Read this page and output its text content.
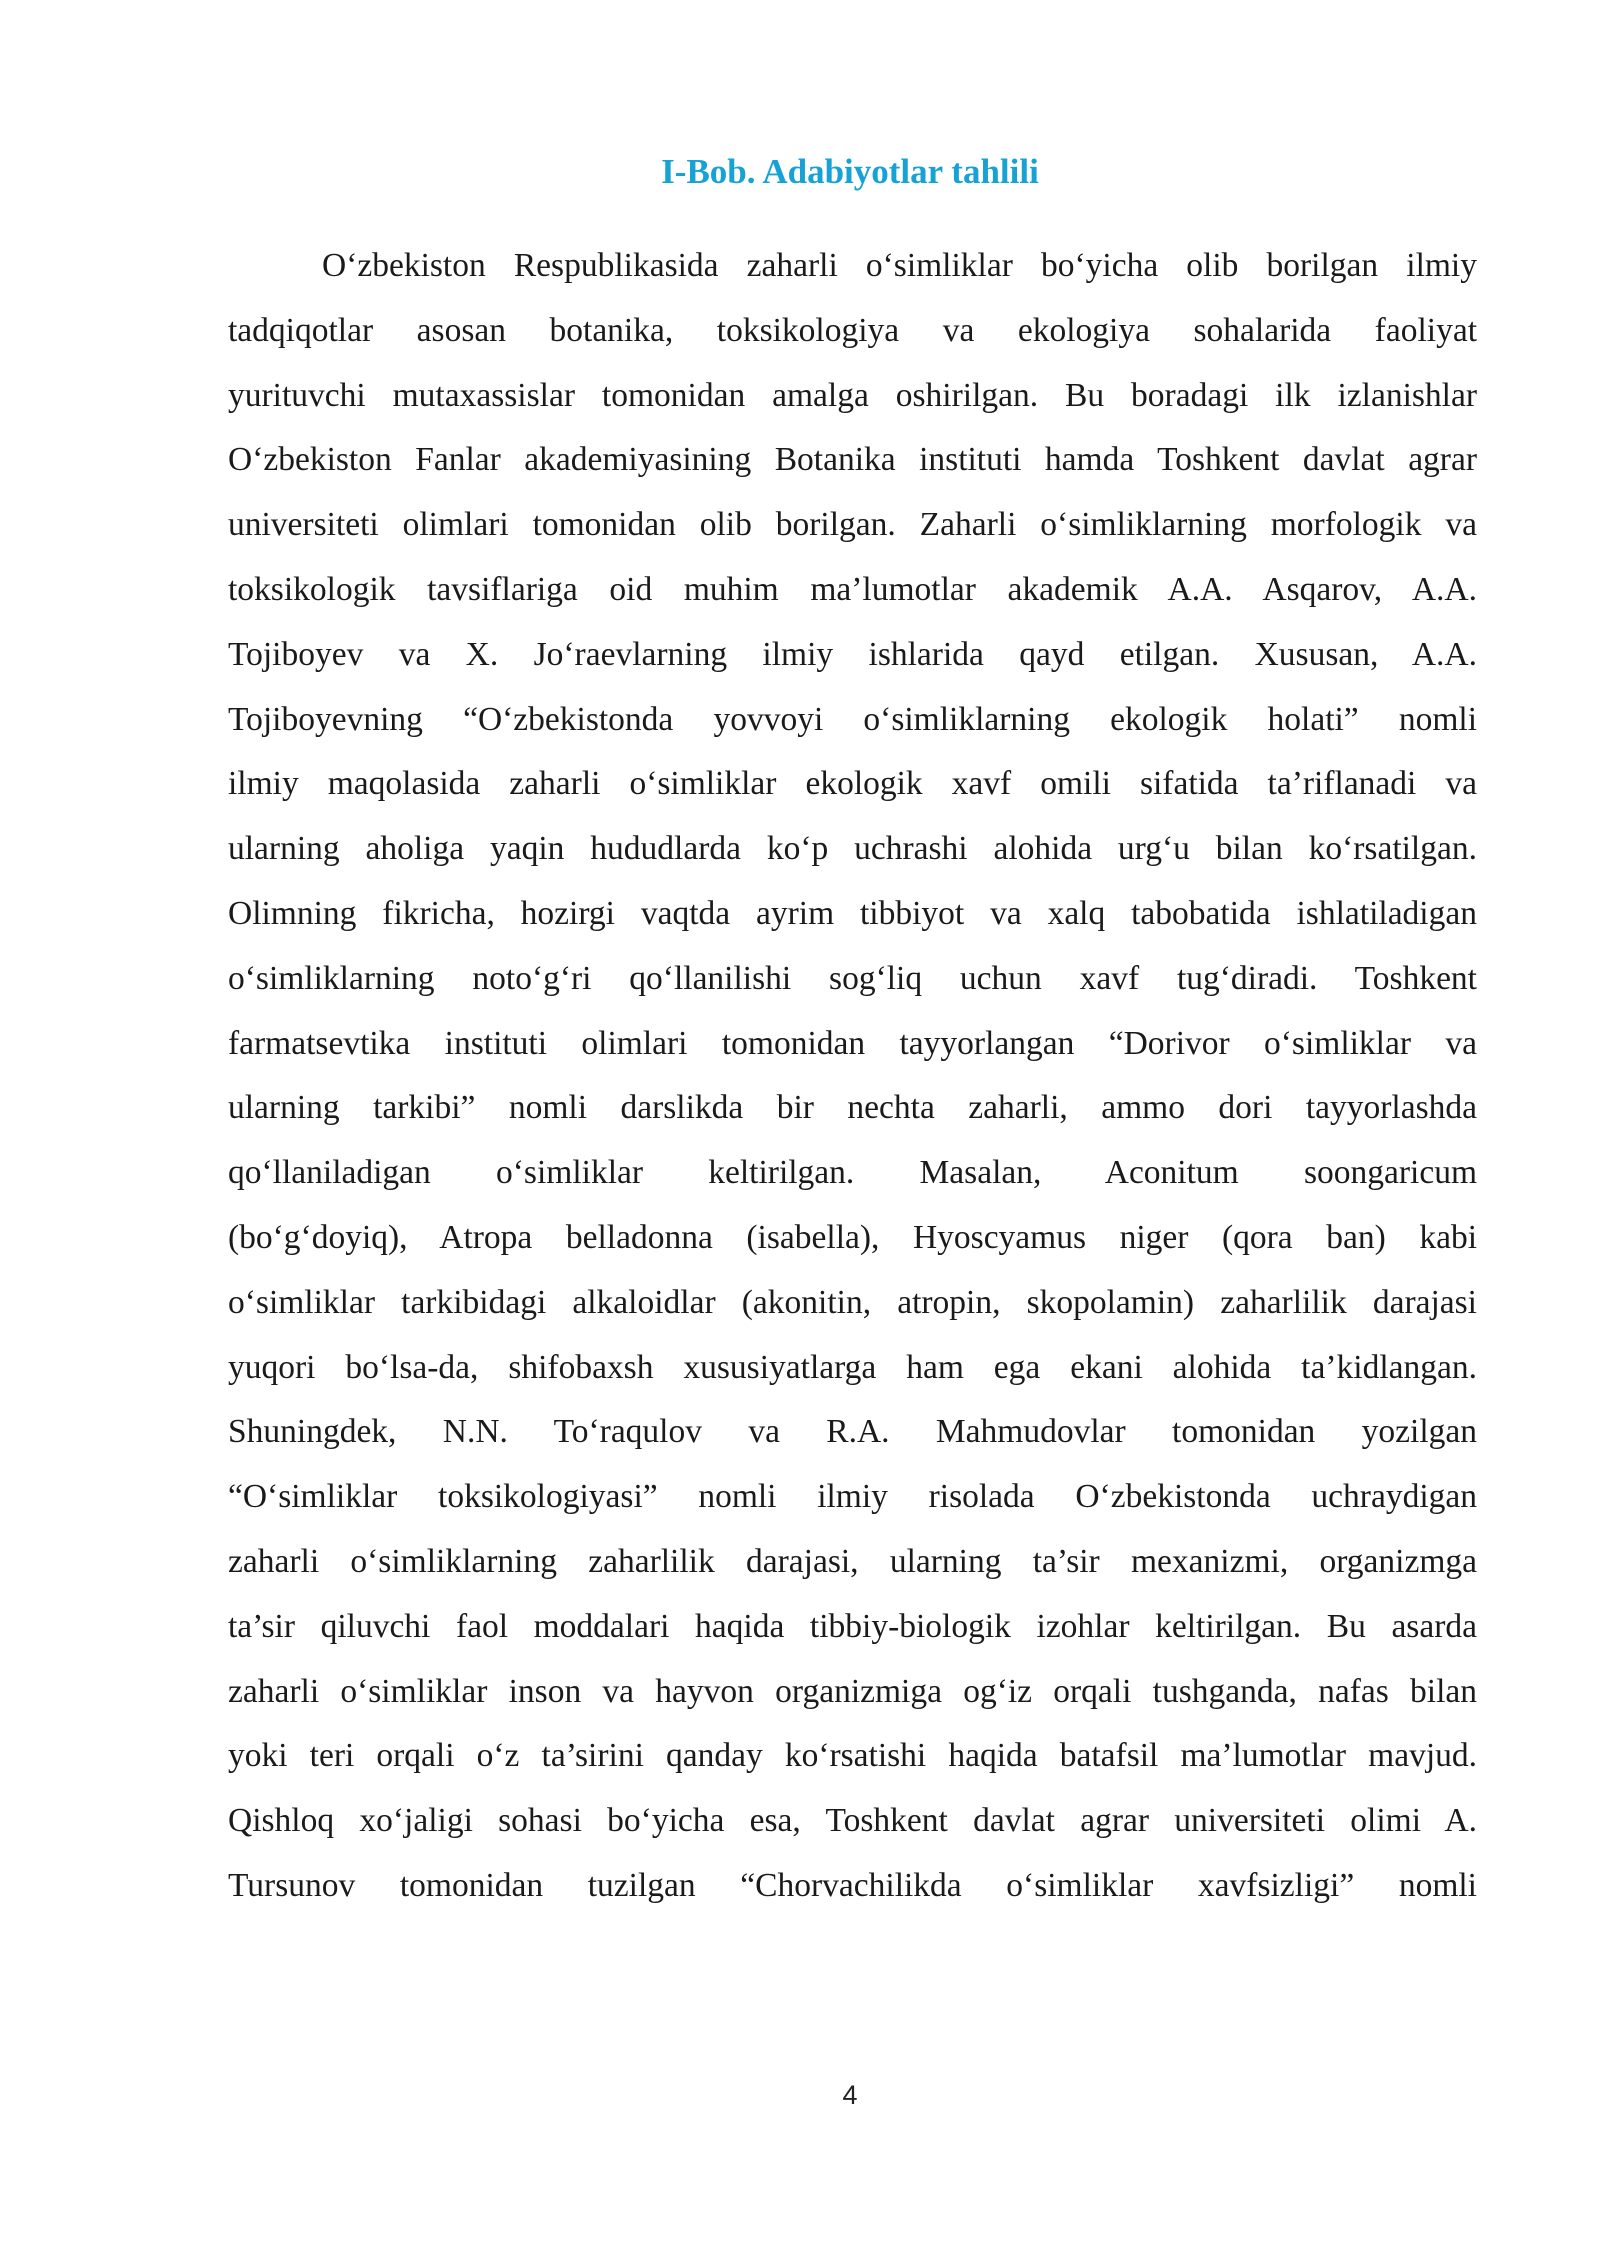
I-Bob. Adabiyotlar tahlili
O‘zbekiston Respublikasida zaharli o‘simliklar bo‘yicha olib borilgan ilmiy
tadqiqotlar asosan botanika, toksikologiya va ekologiya sohalarida faoliyat
yurituvchi mutaxassislar tomonidan amalga oshirilgan. Bu boradagi ilk izlanishlar
O‘zbekiston Fanlar akademiyasining Botanika instituti hamda Toshkent davlat agrar
universiteti olimlari tomonidan olib borilgan. Zaharli o‘simliklarning morfologik va
toksikologik tavsiflariga oid muhim ma’lumotlar akademik A.A. Asqarov, A.A.
Tojiboyev va X. Jo‘raevlarning ilmiy ishlarida qayd etilgan. Xususan, A.A.
Tojiboyevning “O‘zbekistonda yovvoyi o‘simliklarning ekologik holati” nomli
ilmiy maqolasida zaharli o‘simliklar ekologik xavf omili sifatida ta’riflanadi va
ularning aholiga yaqin hududlarda ko‘p uchrashi alohida urg‘u bilan ko‘rsatilgan.
Olimning fikricha, hozirgi vaqtda ayrim tibbiyot va xalq tabobatida ishlatiladigan
o‘simliklarning noto‘g‘ri qo‘llanilishi sog‘liq uchun xavf tug‘diradi. Toshkent
farmatsevtika instituti olimlari tomonidan tayyorlangan “Dorivor o‘simliklar va
ularning tarkibi” nomli darslikda bir nechta zaharli, ammo dori tayyorlashda
qo‘llaniladigan o‘simliklar keltirilgan. Masalan, Aconitum soongaricum
(bo‘g‘doyiq), Atropa belladonna (isabella), Hyoscyamus niger (qora ban) kabi
o‘simliklar tarkibidagi alkaloidlar (akonitin, atropin, skopolamin) zaharlilik darajasi
yuqori bo‘lsa-da, shifobaxsh xususiyatlarga ham ega ekani alohida ta’kidlangan.
Shuningdek, N.N. To‘raqulov va R.A. Mahmudovlar tomonidan yozilgan
“O‘simliklar toksikologiyasi” nomli ilmiy risolada O‘zbekistonda uchraydigan
zaharli o‘simliklarning zaharlilik darajasi, ularning ta’sir mexanizmi, organizmga
ta’sir qiluvchi faol moddalari haqida tibbiy-biologik izohlar keltirilgan. Bu asarda
zaharli o‘simliklar inson va hayvon organizmiga og‘iz orqali tushganda, nafas bilan
yoki teri orqali o‘z ta’sirini qanday ko‘rsatishi haqida batafsil ma’lumotlar mavjud.
Qishloq xo‘jaligi sohasi bo‘yicha esa, Toshkent davlat agrar universiteti olimi A.
Tursunov tomonidan tuzilgan “Chorvachilikda o‘simliklar xavfsizligi” nomli
4
